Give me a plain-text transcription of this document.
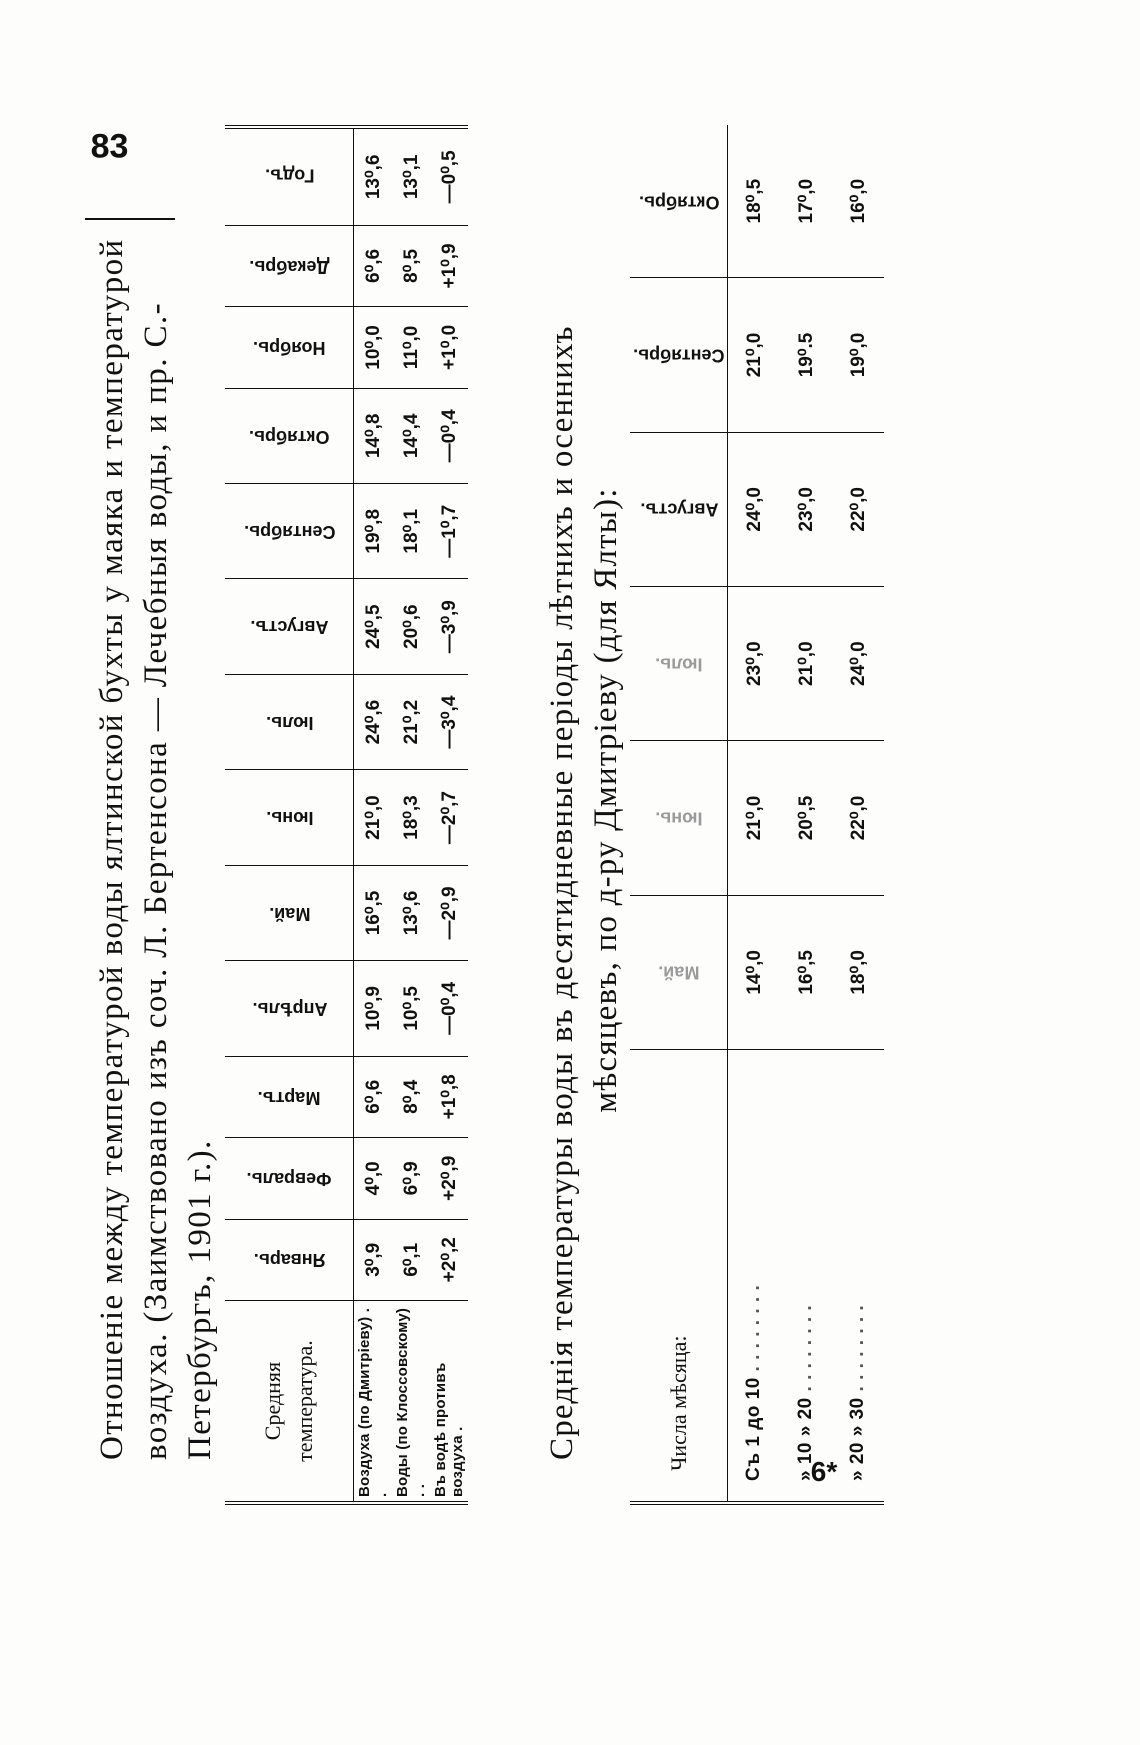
83
Отношеніе между температурой воды ялтинской бухты у маяка и температурой воздуха. (Заимствовано изъ соч. Л. Бертенсона — Лечебныя воды, и пр. С.-Петербургъ, 1901 г.). Средняя температура.	Январь.	Февраль.	Мартъ.	Апрѣль.	Май.	Іюнь.	Іюль.	Августъ.	Сентябрь.	Октябрь.	Ноябрь.	Декабрь.	Годъ.
Воздуха (по Дмитріеву) . .	3⁰,9	4⁰,0	6⁰,6	10⁰,9	16⁰,5	21⁰,0	24⁰,6	24⁰,5	19⁰,8	14⁰,8	10⁰,0	6⁰,6	13⁰,6
Воды (по Клоссовскому) . .	6⁰,1	6⁰,9	8⁰,4	10⁰,5	13⁰,6	18⁰,3	21⁰,2	20⁰,6	18⁰,1	14⁰,4	11⁰,0	8⁰,5	13⁰,1
Въ водѣ противъ воздуха .	+2⁰,2	+2⁰,9	+1⁰,8	—0⁰,4	—2⁰,9	—2⁰,7	—3⁰,4	—3⁰,9	—1⁰,7	—0⁰,4	+1⁰,0	+1⁰,9	—0⁰,5
Среднія температуры воды въ десятидневные періоды лѣтнихъ и осеннихъ мѣсяцевъ, по д-ру Дмитріеву (для Ялты):
Числа мѣсяца:	Май.	Іюнь.	Іюль.	Августъ.	Сентябрь.	Октябрь.
Съ 1 до 10 . . . . . . . .	14⁰,0	21⁰,0	23⁰,0	24⁰,0	21⁰,0	18⁰,5
» 10 » 20 . . . . . . . .	16⁰,5	20⁰,5	21⁰,0	23⁰,0	19⁰.5	17⁰,0
» 20 » 30 . . . . . . . .	18⁰,0	22⁰,0	24⁰,0	22⁰,0	19⁰,0	16⁰,0
6*
